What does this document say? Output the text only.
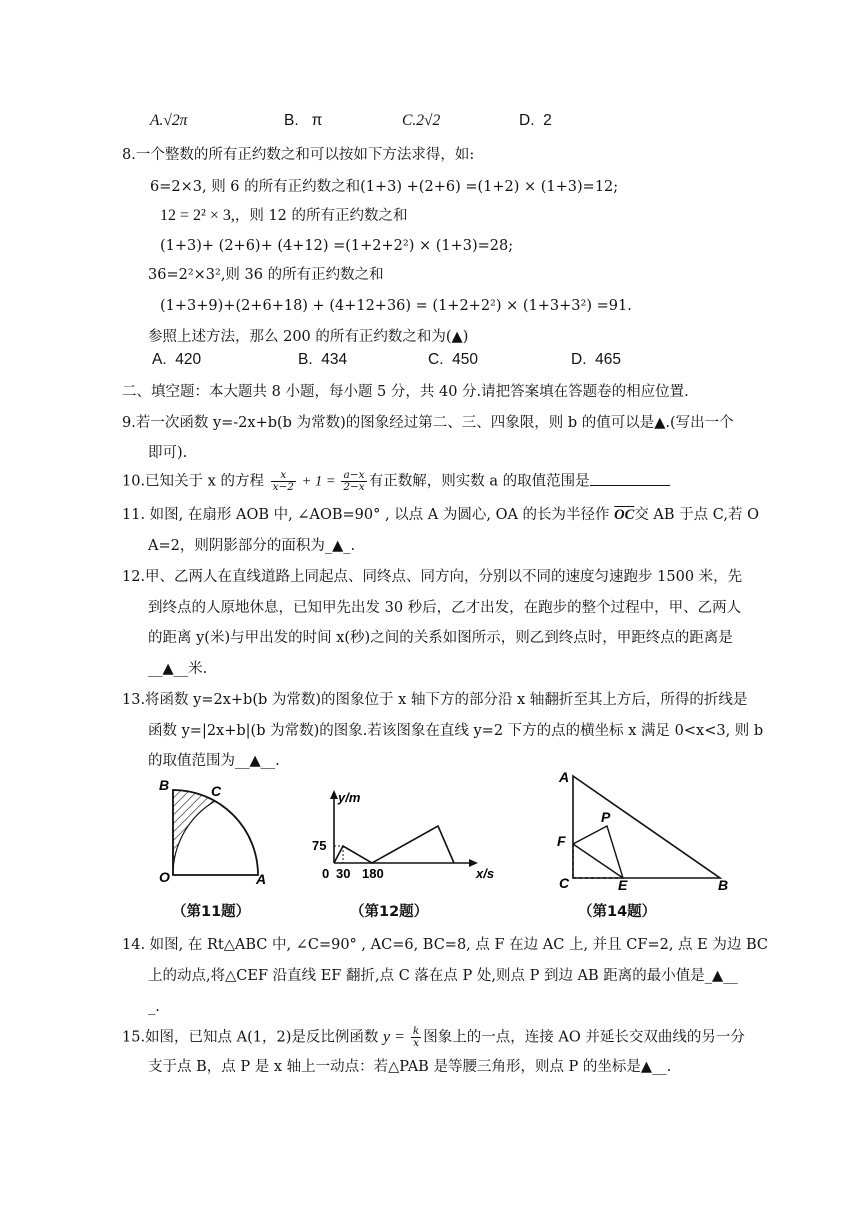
A.√2π	B. π	C.2√2	D. 2
8.一个整数的所有正约数之和可以按如下方法求得，如:
6=2×3, 则 6 的所有正约数之和(1+3) +(2+6) =(1+2) × (1+3)=12;
12 = 2² × 3,，则 12 的所有正约数之和
(1+3)+ (2+6)+ (4+12) =(1+2+2²) × (1+3)=28;
36=2²×3²,则 36 的所有正约数之和
(1+3+9)+(2+6+18) + (4+12+36) = (1+2+2²) × (1+3+3²) =91.
参照上述方法，那么 200 的所有正约数之和为(▲)
A. 420	B. 434	C. 450	D. 465
二、填空题：本大题共 8 小题，每小题 5 分，共 40 分.请把答案填在答题卷的相应位置.
9.若一次函数 y=-2x+b(b 为常数)的图象经过第二、三、四象限，则 b 的值可以是▲.(写出一个
即可).
10.已知关于 x 的方程 $\frac{x}{x-2} + 1 = \frac{a-x}{2-x}$ 有正数解，则实数 a 的取值范围是
11. 如图, 在扇形 AOB 中, ∠AOB=90° , 以点 A 为圆心, OA 的长为半径作 $\overline{OC}$交 AB 于点 C,若 O
A=2，则阴影部分的面积为_▲_.
12.甲、乙两人在直线道路上同起点、同终点、同方向，分别以不同的速度匀速跑步 1500 米，先
到终点的人原地休息，已知甲先出发 30 秒后，乙才出发，在跑步的整个过程中，甲、乙两人
的距离 y(米)与甲出发的时间 x(秒)之间的关系如图所示，则乙到终点时，甲距终点的距离是
__▲__米.
13.将函数 y=2x+b(b 为常数)的图象位于 x 轴下方的部分沿 x 轴翻折至其上方后，所得的折线是
函数 y=|2x+b|(b 为常数)的图象.若该图象在直线 y=2 下方的点的横坐标 x 满足 0<x<3, 则 b
的取值范围为__▲__.
B	C
O	A
（第11题）
y/m
x/s
75
0 30 180
（第12题）
A
F
P
C	E	B
（第14题）
14. 如图, 在 Rt△ABC 中, ∠C=90° , AC=6, BC=8, 点 F 在边 AC 上, 并且 CF=2, 点 E 为边 BC
上的动点,将△CEF 沿直线 EF 翻折,点 C 落在点 P 处,则点 P 到边 AB 距离的最小值是_▲__
_.
15.如图，已知点 A(1，2)是反比例函数 $y = \frac{k}{x}$ 图象上的一点，连接 AO 并延长交双曲线的另一分
支于点 B，点 P 是 x 轴上一动点：若△PAB 是等腰三角形，则点 P 的坐标是▲__.
